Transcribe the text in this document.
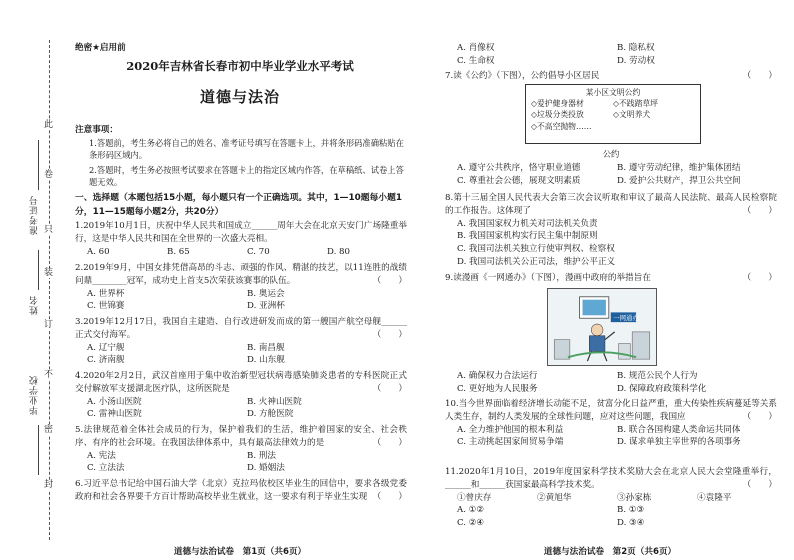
此
卷
只
装
订
不
密
封
准考证号
姓名
毕业学校
绝密★启用前
2020年吉林省长春市初中毕业学业水平考试
道德与法治
注意事项：
1.答题前，考生务必将自己的姓名、准考证号填写在答题卡上，并将条形码准确粘贴在条形码区域内。
2.答题时，考生务必按照考试要求在答题卡上的指定区域内作答，在草稿纸、试卷上答题无效。
一、选择题（本题包括15小题，每小题只有一个正确选项。其中，1—10题每小题1分，11—15题每小题2分，共20分）
1.2019年10月1日，庆祝中华人民共和国成立______周年大会在北京天安门广场隆重举行，这是中华人民共和国在全世界的一次盛大亮相。
A. 60	B. 65	C. 70	D. 80
2.2019年9月，中国女排凭借高昂的斗志、顽强的作风、精湛的技艺，以11连胜的战绩问鼎________冠军，成功史上首支5次荣获该赛事的队伍。	（　　）
A. 世界杯	B. 奥运会
C. 世锦赛	D. 亚洲杯
3.2019年12月17日，我国自主建造、自行改进研发而成的第一艘国产航空母舰______正式交付海军。	（　　）
A. 辽宁舰	B. 南昌舰
C. 济南舰	D. 山东舰
4.2020年2月2日，武汉首座用于集中收治新型冠状病毒感染肺炎患者的专科医院正式交付解放军支援湖北医疗队，这所医院是	（　　）
A. 小汤山医院	B. 火神山医院
C. 雷神山医院	D. 方舱医院
5.法律规范着全体社会成员的行为，保护着我们的生活，维护着国家的安全、社会秩序、有序的社会环境。在我国法律体系中，具有最高法律效力的是	（　　）
A. 宪法	B. 刑法
C. 立法法	D. 婚姻法
6.习近平总书记给中国石油大学（北京）克拉玛依校区毕业生的回信中，要求各级党委政府和社会各界要千方百计帮助高校毕业生就业，这一要求有利于毕业生实现 （　　）
道德与法治试卷　第1页（共6页）
A. 肖像权	B. 隐私权
C. 生命权	D. 劳动权
7.读《公约》（下图），公约倡导小区居民	（　　）
某小区文明公约
◇爱护健身器材	◇不践踏草坪
◇垃圾分类投放	◇文明养犬
◇不高空抛物……
公约
A. 遵守公共秩序，恪守职业道德	B. 遵守劳动纪律，维护集体团结
C. 尊重社会公德，展现文明素质	D. 爱护公共财产，捍卫公共空间
8.第十三届全国人民代表大会第三次会议听取和审议了最高人民法院、最高人民检察院的工作报告。这体现了	（　　）
A. 我国国家权力机关对司法机关负责
B. 我国国家机构实行民主集中制原则
C. 我国司法机关独立行使审判权、检察权
D. 我国司法机关公正司法，维护公平正义
9.读漫画《一网通办》（下图），漫画中政府的举措旨在	（　　）
一网通办
A. 确保权力合法运行	B. 规范公民个人行为
C. 更好地为人民服务	D. 保障政府政策科学化
10.当今世界面临着经济增长动能不足，贫富分化日益严重，重大传染性疾病蔓延等关系人类生存，制约人类发展的全球性问题，应对这些问题，我国应	（　　）
A. 全力维护他国的根本利益	B. 联合各国构建人类命运共同体
C. 主动挑起国家间贸易争端	D. 谋求单独主宰世界的各项事务
11.2020年1月10日，2019年度国家科学技术奖励大会在北京人民大会堂隆重举行，______和______获国家最高科学技术奖。	（　　）
①曾庆存	②黄旭华	③孙家栋	④袁隆平
A. ①②	B. ①③
C. ②④	D. ③④
道德与法治试卷　第2页（共6页）
